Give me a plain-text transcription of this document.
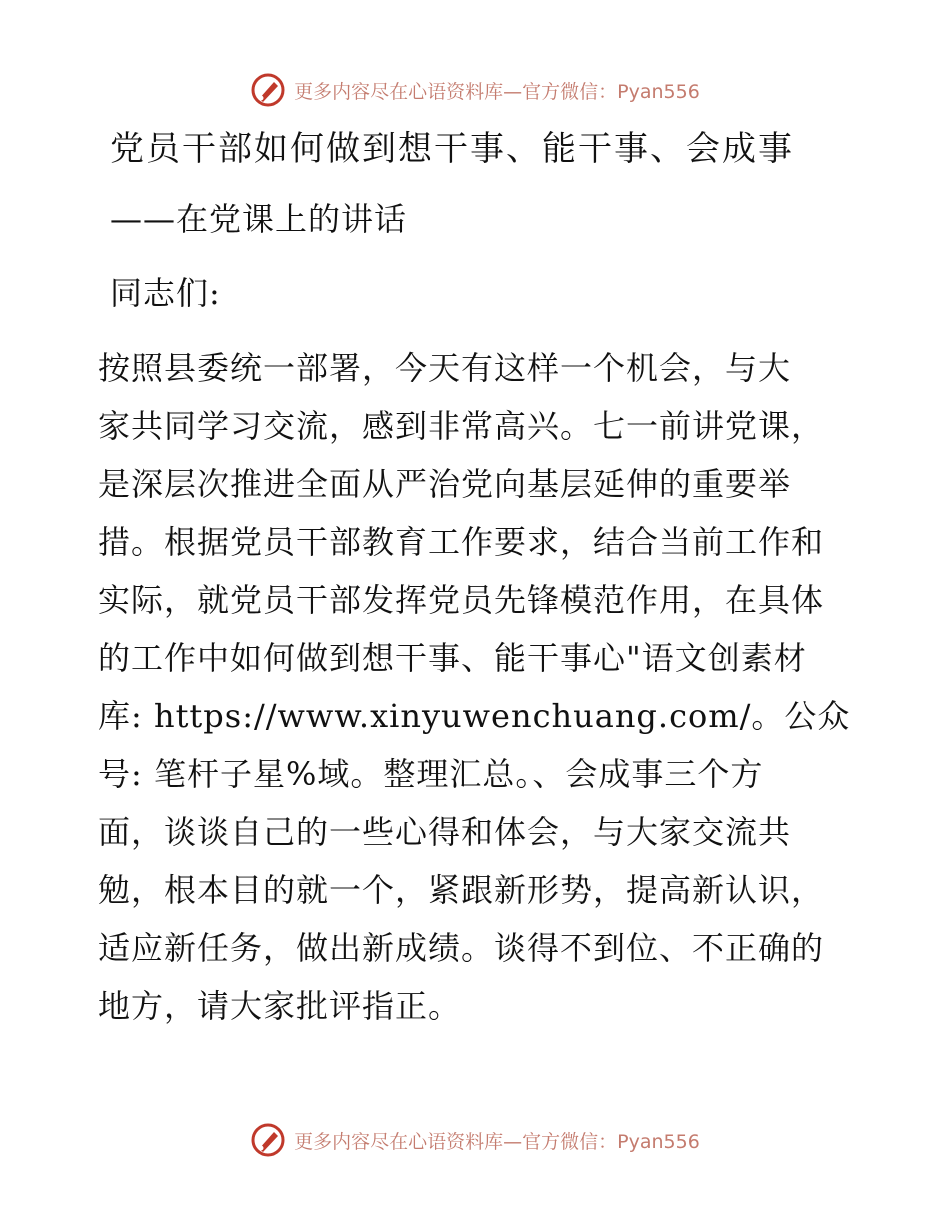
更多内容尽在心语资料库—官方微信：Pyan556
党员干部如何做到想干事、能干事、会成事
——在党课上的讲话
同志们:
按照县委统一部署，今天有这样一个机会，与大
家共同学习交流，感到非常高兴。七一前讲党课，
是深层次推进全面从严治党向基层延伸的重要举
措。根据党员干部教育工作要求，结合当前工作和
实际，就党员干部发挥党员先锋模范作用，在具体
的工作中如何做到想干事、能干事心"语文创素材
库: https://www.xinyuwenchuang.com/。公众
号: 笔杆子星%域。整理汇总。、会成事三个方
面，谈谈自己的一些心得和体会，与大家交流共
勉，根本目的就一个，紧跟新形势，提高新认识，
适应新任务，做出新成绩。谈得不到位、不正确的
地方，请大家批评指正。
更多内容尽在心语资料库—官方微信：Pyan556
